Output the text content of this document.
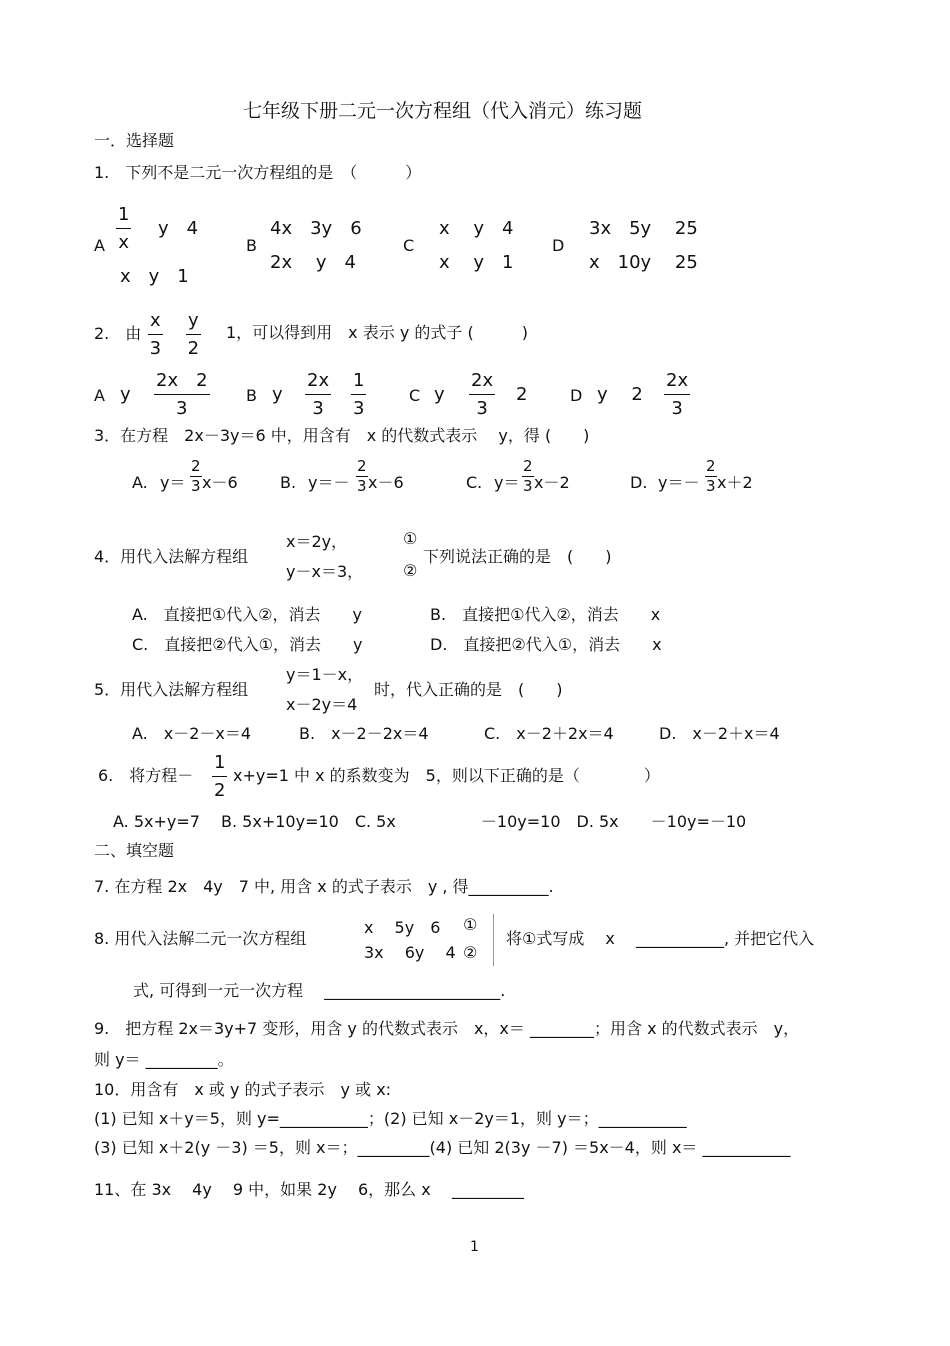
七年级下册二元一次方程组（代入消元）练习题
一．选择题
1.　下列不是二元一次方程组的是　（　　　）
A $\frac{1}{x}$ y　4
x　y　1
B
4x　3y　6
2x　 y　4
C
x　 y　4
x　 y　1
D
3x　5y　 25
x　10y　 25
2.　由 $\frac{x}{3} \frac{y}{2} 1$，可以得到用　x 表示 y 的式子 (　　　)
A y $\frac{2x 2}{3}$ B y $\frac{2x}{3} \frac{1}{3}$	C y $\frac{2x}{3} 2$	D y　 $2 \frac{2x}{3}$
3．在方程　2x－3y＝6 中，用含有　x 的代数式表示　 y，得 (　　)
A. $y= \frac{2}{3} x-6$	B. $y=- \frac{2}{3} x-6$	C. $y= \frac{2}{3} x-2$	D. $y=- \frac{2}{3} x+2$
4．用代入法解方程组
x＝2y，
y－x＝3，
①
②
下列说法正确的是　(　　)
A.　直接把①代入②，消去　　y	B.　直接把①代入②，消去　　x
C.　直接把②代入①，消去　　y	D.　直接把②代入①，消去　　x
5．用代入法解方程组
y＝1－x，
x－2y＝4
时，代入正确的是　(　　)
A.　x－2－x＝4	B.　x－2－2x＝4	C.　x－2＋2x＝4	D.　x－2＋x＝4
6.　将方程－ $\frac{1}{2} x+y=1$ 中 x 的系数变为　5，则以下正确的是（　　　　）
A. 5x+y=7　 B. 5x+10y=10　C. 5x　　　　　 －10y=10　D. 5x　　－10y=－10
二、填空题
7. 在方程 2x　4y　7 中, 用含 x 的式子表示　y , 得__________.
8. 用代入法解二元一次方程组
x　 5y　6
3x　 6y　 4
①
②
将①式写成　 x　 ___________, 并把它代入
式, 可得到一元一次方程　 ______________________.
9.　把方程 2x＝3y+7 变形，用含 y 的代数式表示　x，x＝ ________；用含 x 的代数式表示　y，
则 y＝ _________。
10．用含有　x 或 y 的式子表示　y 或 x:
(1) 已知 x＋y＝5，则 y=___________；(2) 已知 x－2y＝1，则 y＝；___________
(3) 已知 x＋2(y －3) ＝5，则 x＝；_________(4) 已知 2(3y －7) ＝5x－4，则 x＝ ___________
11、在 3x　 4y　 9 中，如果 2y　 6，那么 x　 _________
1
